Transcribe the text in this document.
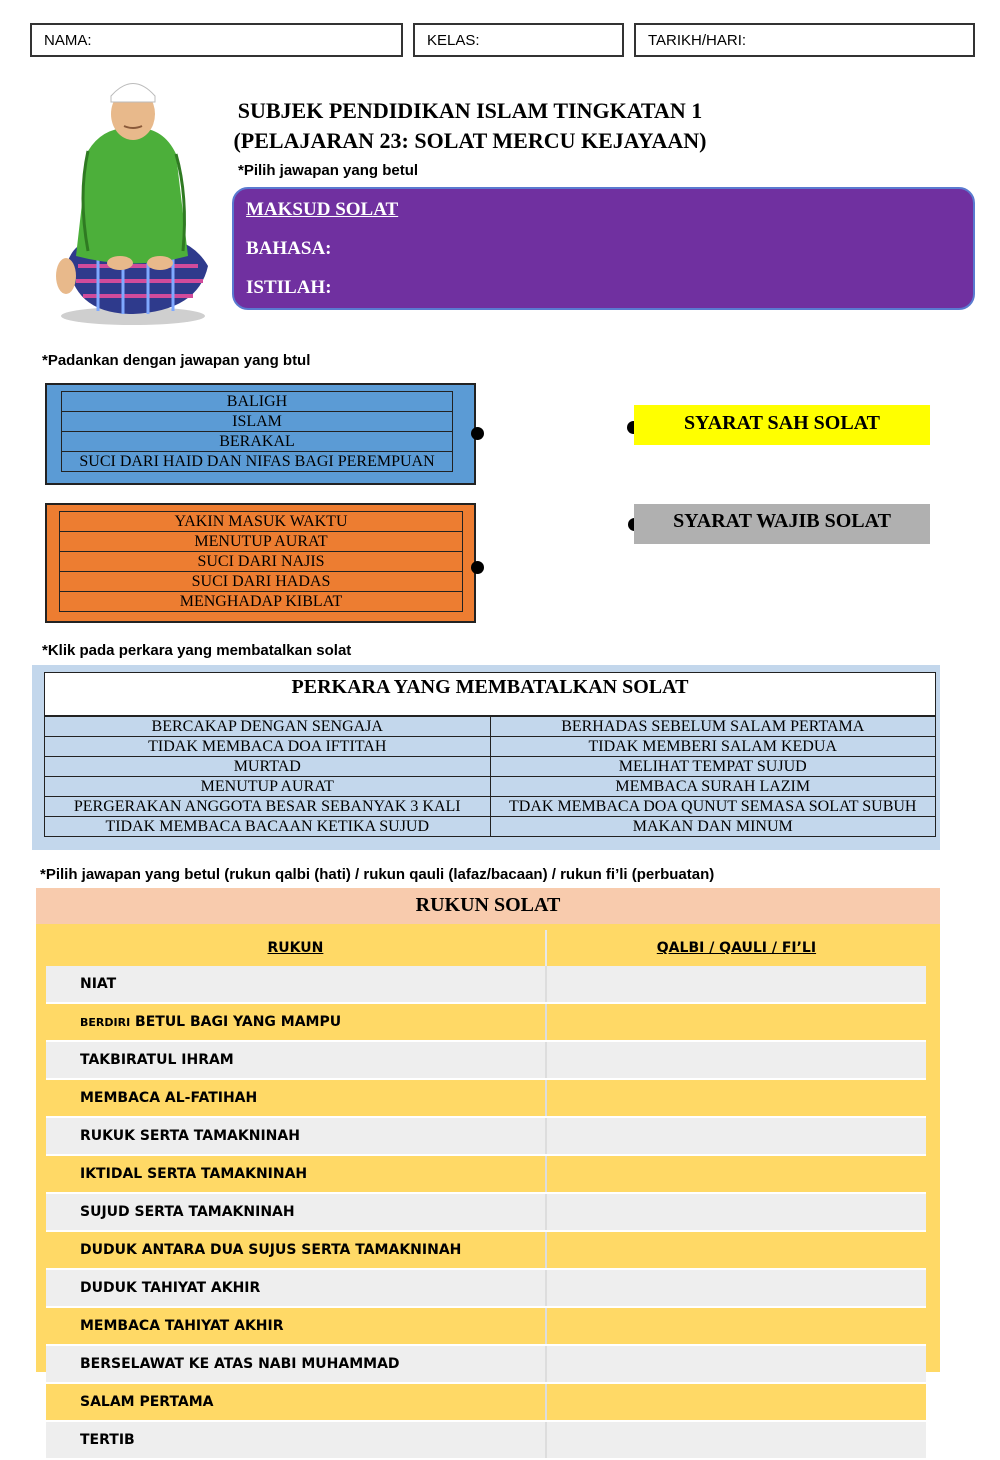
NAMA:	KELAS:	TARIKH/HARI:
SUBJEK PENDIDIKAN ISLAM TINGKATAN 1
(PELAJARAN 23: SOLAT MERCU KEJAYAAN)
*Pilih jawapan yang betul
MAKSUD SOLAT
BAHASA:
ISTILAH:
*Padankan dengan jawapan yang btul
BALIGH
ISLAM
BERAKAL
SUCI DARI HAID DAN NIFAS BAGI PEREMPUAN
YAKIN MASUK WAKTU
MENUTUP AURAT
SUCI DARI NAJIS
SUCI DARI HADAS
MENGHADAP KIBLAT
SYARAT SAH SOLAT
SYARAT WAJIB SOLAT
*Klik pada perkara yang membatalkan solat
PERKARA YANG MEMBATALKAN SOLAT
BERCAKAP DENGAN SENGAJA	BERHADAS SEBELUM SALAM PERTAMA
TIDAK MEMBACA DOA IFTITAH	TIDAK MEMBERI SALAM KEDUA
MURTAD	MELIHAT TEMPAT SUJUD
MENUTUP AURAT	MEMBACA SURAH LAZIM
PERGERAKAN ANGGOTA BESAR SEBANYAK 3 KALI	TDAK MEMBACA DOA QUNUT SEMASA SOLAT SUBUH
TIDAK MEMBACA BACAAN KETIKA SUJUD	MAKAN DAN MINUM
*Pilih jawapan yang betul (rukun qalbi (hati) / rukun qauli (lafaz/bacaan) / rukun fi’li (perbuatan)
RUKUN SOLAT
RUKUN	QALBI / QAULI / FI’LI
NIAT	
BERDIRI BETUL BAGI YANG MAMPU	
TAKBIRATUL IHRAM	
MEMBACA AL-FATIHAH	
RUKUK SERTA TAMAKNINAH	
IKTIDAL SERTA TAMAKNINAH	
SUJUD SERTA TAMAKNINAH	
DUDUK ANTARA DUA SUJUS SERTA TAMAKNINAH	
DUDUK TAHIYAT AKHIR	
MEMBACA TAHIYAT AKHIR	
BERSELAWAT KE ATAS NABI MUHAMMAD	
SALAM PERTAMA	
TERTIB	
